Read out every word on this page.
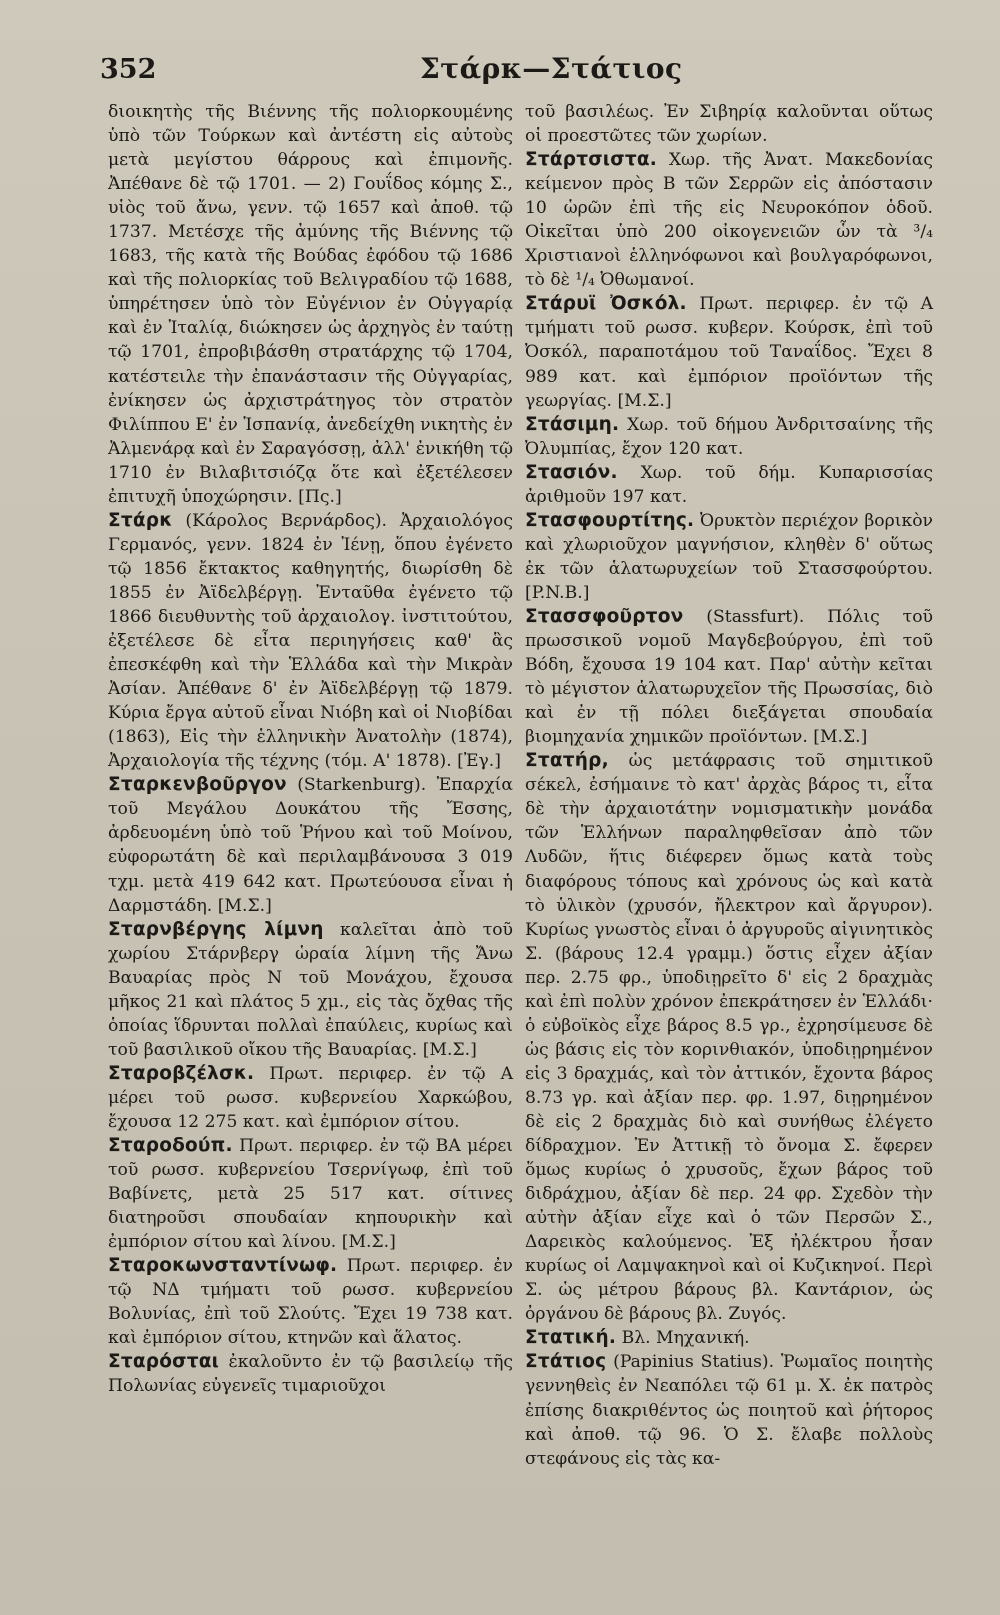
352	Στάρκ—Στάτιος

διοικητὴς τῆς Βιέννης τῆς πολιορκουμένης ὑπὸ τῶν Τούρκων καὶ ἀντέστη εἰς αὐτοὺς μετὰ μεγίστου θάρρους καὶ ἐπιμονῆς. Ἀπέθανε δὲ τῷ 1701. — 2) Γουΐδος κόμης Σ., υἱὸς τοῦ ἄνω, γενν. τῷ 1657 καὶ ἀποθ. τῷ 1737. Μετέσχε τῆς ἀμύνης τῆς Βιέννης τῷ 1683, τῆς κατὰ τῆς Βούδας ἐφόδου τῷ 1686 καὶ τῆς πολιορκίας τοῦ Βελιγραδίου τῷ 1688, ὑπηρέτησεν ὑπὸ τὸν Εὐγένιον ἐν Οὐγγαρίᾳ καὶ ἐν Ἰταλίᾳ, διώκησεν ὡς ἀρχηγὸς ἐν ταύτῃ τῷ 1701, ἐπροβιβάσθη στρατάρχης τῷ 1704, κατέστειλε τὴν ἐπανάστασιν τῆς Οὐγγαρίας, ἐνίκησεν ὡς ἀρχιστράτηγος τὸν στρατὸν Φιλίππου Ε' ἐν Ἱσπανίᾳ, ἀνεδείχθη νικητὴς ἐν Ἀλμενάρᾳ καὶ ἐν Σαραγόσσῃ, ἀλλ' ἐνικήθη τῷ 1710 ἐν Βιλαβιτσιόζᾳ ὅτε καὶ ἐξετέλεσεν ἐπιτυχῆ ὑποχώρησιν. [Πς.]

Στάρκ (Κάρολος Βερνάρδος). Ἀρχαιολόγος Γερμανός, γενν. 1824 ἐν Ἰένῃ, ὅπου ἐγένετο τῷ 1856 ἔκτακτος καθηγητής, διωρίσθη δὲ 1855 ἐν Ἀϊδελβέργῃ. Ἐνταῦθα ἐγένετο τῷ 1866 διευθυντὴς τοῦ ἀρχαιολογ. ἰνστιτούτου, ἐξετέλεσε δὲ εἶτα περιηγήσεις καθ' ἃς ἐπεσκέφθη καὶ τὴν Ἑλλάδα καὶ τὴν Μικρὰν Ἀσίαν. Ἀπέθανε δ' ἐν Ἀϊδελβέργῃ τῷ 1879. Κύρια ἔργα αὐτοῦ εἶναι Νιόβη καὶ οἱ Νιοβίδαι (1863), Εἰς τὴν ἑλληνικὴν Ἀνατολὴν (1874), Ἀρχαιολογία τῆς τέχνης (τόμ. Α' 1878). [Ἐγ.]

Σταρκενβοῦργον (Starkenburg). Ἐπαρχία τοῦ Μεγάλου Δουκάτου τῆς Ἔσσης, ἀρδευομένη ὑπὸ τοῦ Ῥήνου καὶ τοῦ Μοίνου, εὐφορωτάτη δὲ καὶ περιλαμβάνουσα 3 019 τχμ. μετὰ 419 642 κατ. Πρωτεύουσα εἶναι ἡ Δαρμστάδη. [Μ.Σ.]

Σταρνβέργης λίμνη καλεῖται ἀπὸ τοῦ χωρίου Στάρνβεργ ὡραία λίμνη τῆς Ἄνω Βαυαρίας πρὸς Ν τοῦ Μονάχου, ἔχουσα μῆκος 21 καὶ πλάτος 5 χμ., εἰς τὰς ὄχθας τῆς ὁποίας ἵδρυνται πολλαὶ ἐπαύλεις, κυρίως καὶ τοῦ βασιλικοῦ οἴκου τῆς Βαυαρίας. [Μ.Σ.]

Σταροβζέλσκ. Πρωτ. περιφερ. ἐν τῷ Α μέρει τοῦ ρωσσ. κυβερνείου Χαρκώβου, ἔχουσα 12 275 κατ. καὶ ἐμπόριον σίτου.

Σταροδούπ. Πρωτ. περιφερ. ἐν τῷ ΒΑ μέρει τοῦ ρωσσ. κυβερνείου Τσερνίγωφ, ἐπὶ τοῦ Βαβίνετς, μετὰ 25 517 κατ. σίτινες διατηροῦσι σπουδαίαν κηπουρικὴν καὶ ἐμπόριον σίτου καὶ λίνου. [Μ.Σ.]

Σταροκωνσταντίνωφ. Πρωτ. περιφερ. ἐν τῷ ΝΔ τμήματι τοῦ ρωσσ. κυβερνείου Βολυνίας, ἐπὶ τοῦ Σλούτς. Ἔχει 19 738 κατ. καὶ ἐμπόριον σίτου, κτηνῶν καὶ ἅλατος.

Σταρόσται ἐκαλοῦντο ἐν τῷ βασιλείῳ τῆς Πολωνίας εὐγενεῖς τιμαριοῦχοι

τοῦ βασιλέως. Ἐν Σιβηρίᾳ καλοῦνται οὕτως οἱ προεστῶτες τῶν χωρίων.

Στάρτσιστα. Χωρ. τῆς Ἀνατ. Μακεδονίας κείμενον πρὸς Β τῶν Σερρῶν εἰς ἀπόστασιν 10 ὡρῶν ἐπὶ τῆς εἰς Νευροκόπον ὁδοῦ. Οἰκεῖται ὑπὸ 200 οἰκογενειῶν ὧν τὰ ³/₄ Χριστιανοὶ ἑλληνόφωνοι καὶ βουλγαρόφωνοι, τὸ δὲ ¹/₄ Ὀθωμανοί.

Στάρυϊ Ὀσκόλ. Πρωτ. περιφερ. ἐν τῷ Α τμήματι τοῦ ρωσσ. κυβερν. Κούρσκ, ἐπὶ τοῦ Ὀσκόλ, παραποτάμου τοῦ Ταναΐδος. Ἔχει 8 989 κατ. καὶ ἐμπόριον προϊόντων τῆς γεωργίας. [Μ.Σ.]

Στάσιμη. Χωρ. τοῦ δήμου Ἀνδριτσαίνης τῆς Ὀλυμπίας, ἔχον 120 κατ.

Στασιόν. Χωρ. τοῦ δήμ. Κυπαρισσίας ἀριθμοῦν 197 κατ.

Στασφουρτίτης. Ὀρυκτὸν περιέχον βορικὸν καὶ χλωριοῦχον μαγνήσιον, κληθὲν δ' οὕτως ἐκ τῶν ἁλατωρυχείων τοῦ Στασσφούρτου. [P.N.B.]

Στασσφοῦρτον (Stassfurt). Πόλις τοῦ πρωσσικοῦ νομοῦ Μαγδεβούργου, ἐπὶ τοῦ Βόδη, ἔχουσα 19 104 κατ. Παρ' αὐτὴν κεῖται τὸ μέγιστον ἁλατωρυχεῖον τῆς Πρωσσίας, διὸ καὶ ἐν τῇ πόλει διεξάγεται σπουδαία βιομηχανία χημικῶν προϊόντων. [Μ.Σ.]

Στατήρ, ὡς μετάφρασις τοῦ σημιτικοῦ σέκελ, ἐσήμαινε τὸ κατ' ἀρχὰς βάρος τι, εἶτα δὲ τὴν ἀρχαιοτάτην νομισματικὴν μονάδα τῶν Ἑλλήνων παραληφθεῖσαν ἀπὸ τῶν Λυδῶν, ἥτις διέφερεν ὅμως κατὰ τοὺς διαφόρους τόπους καὶ χρόνους ὡς καὶ κατὰ τὸ ὑλικὸν (χρυσόν, ἤλεκτρον καὶ ἄργυρον). Κυρίως γνωστὸς εἶναι ὁ ἀργυροῦς αἰγινητικὸς Σ. (βάρους 12.4 γραμμ.) ὅστις εἶχεν ἀξίαν περ. 2.75 φρ., ὑποδιῃρεῖτο δ' εἰς 2 δραχμὰς καὶ ἐπὶ πολὺν χρόνον ἐπεκράτησεν ἐν Ἑλλάδι· ὁ εὐβοϊκὸς εἶχε βάρος 8.5 γρ., ἐχρησίμευσε δὲ ὡς βάσις εἰς τὸν κορινθιακόν, ὑποδιῃρημένον εἰς 3 δραχμάς, καὶ τὸν ἀττικόν, ἔχοντα βάρος 8.73 γρ. καὶ ἀξίαν περ. φρ. 1.97, διῃρημένον δὲ εἰς 2 δραχμὰς διὸ καὶ συνήθως ἐλέγετο δίδραχμον. Ἐν Ἀττικῇ τὸ ὄνομα Σ. ἔφερεν ὅμως κυρίως ὁ χρυσοῦς, ἔχων βάρος τοῦ διδράχμου, ἀξίαν δὲ περ. 24 φρ. Σχεδὸν τὴν αὐτὴν ἀξίαν εἶχε καὶ ὁ τῶν Περσῶν Σ., Δαρεικὸς καλούμενος. Ἐξ ἠλέκτρου ἦσαν κυρίως οἱ Λαμψακηνοὶ καὶ οἱ Κυζικηνοί. Περὶ Σ. ὡς μέτρου βάρους βλ. Καντάριον, ὡς ὀργάνου δὲ βάρους βλ. Ζυγός.

Στατική. Βλ. Μηχανική.

Στάτιος (Papinius Statius). Ῥωμαῖος ποιητὴς γεννηθεὶς ἐν Νεαπόλει τῷ 61 μ. Χ. ἐκ πατρὸς ἐπίσης διακριθέντος ὡς ποιητοῦ καὶ ῥήτορος καὶ ἀποθ. τῷ 96. Ὁ Σ. ἔλαβε πολλοὺς στεφάνους εἰς τὰς κα-
